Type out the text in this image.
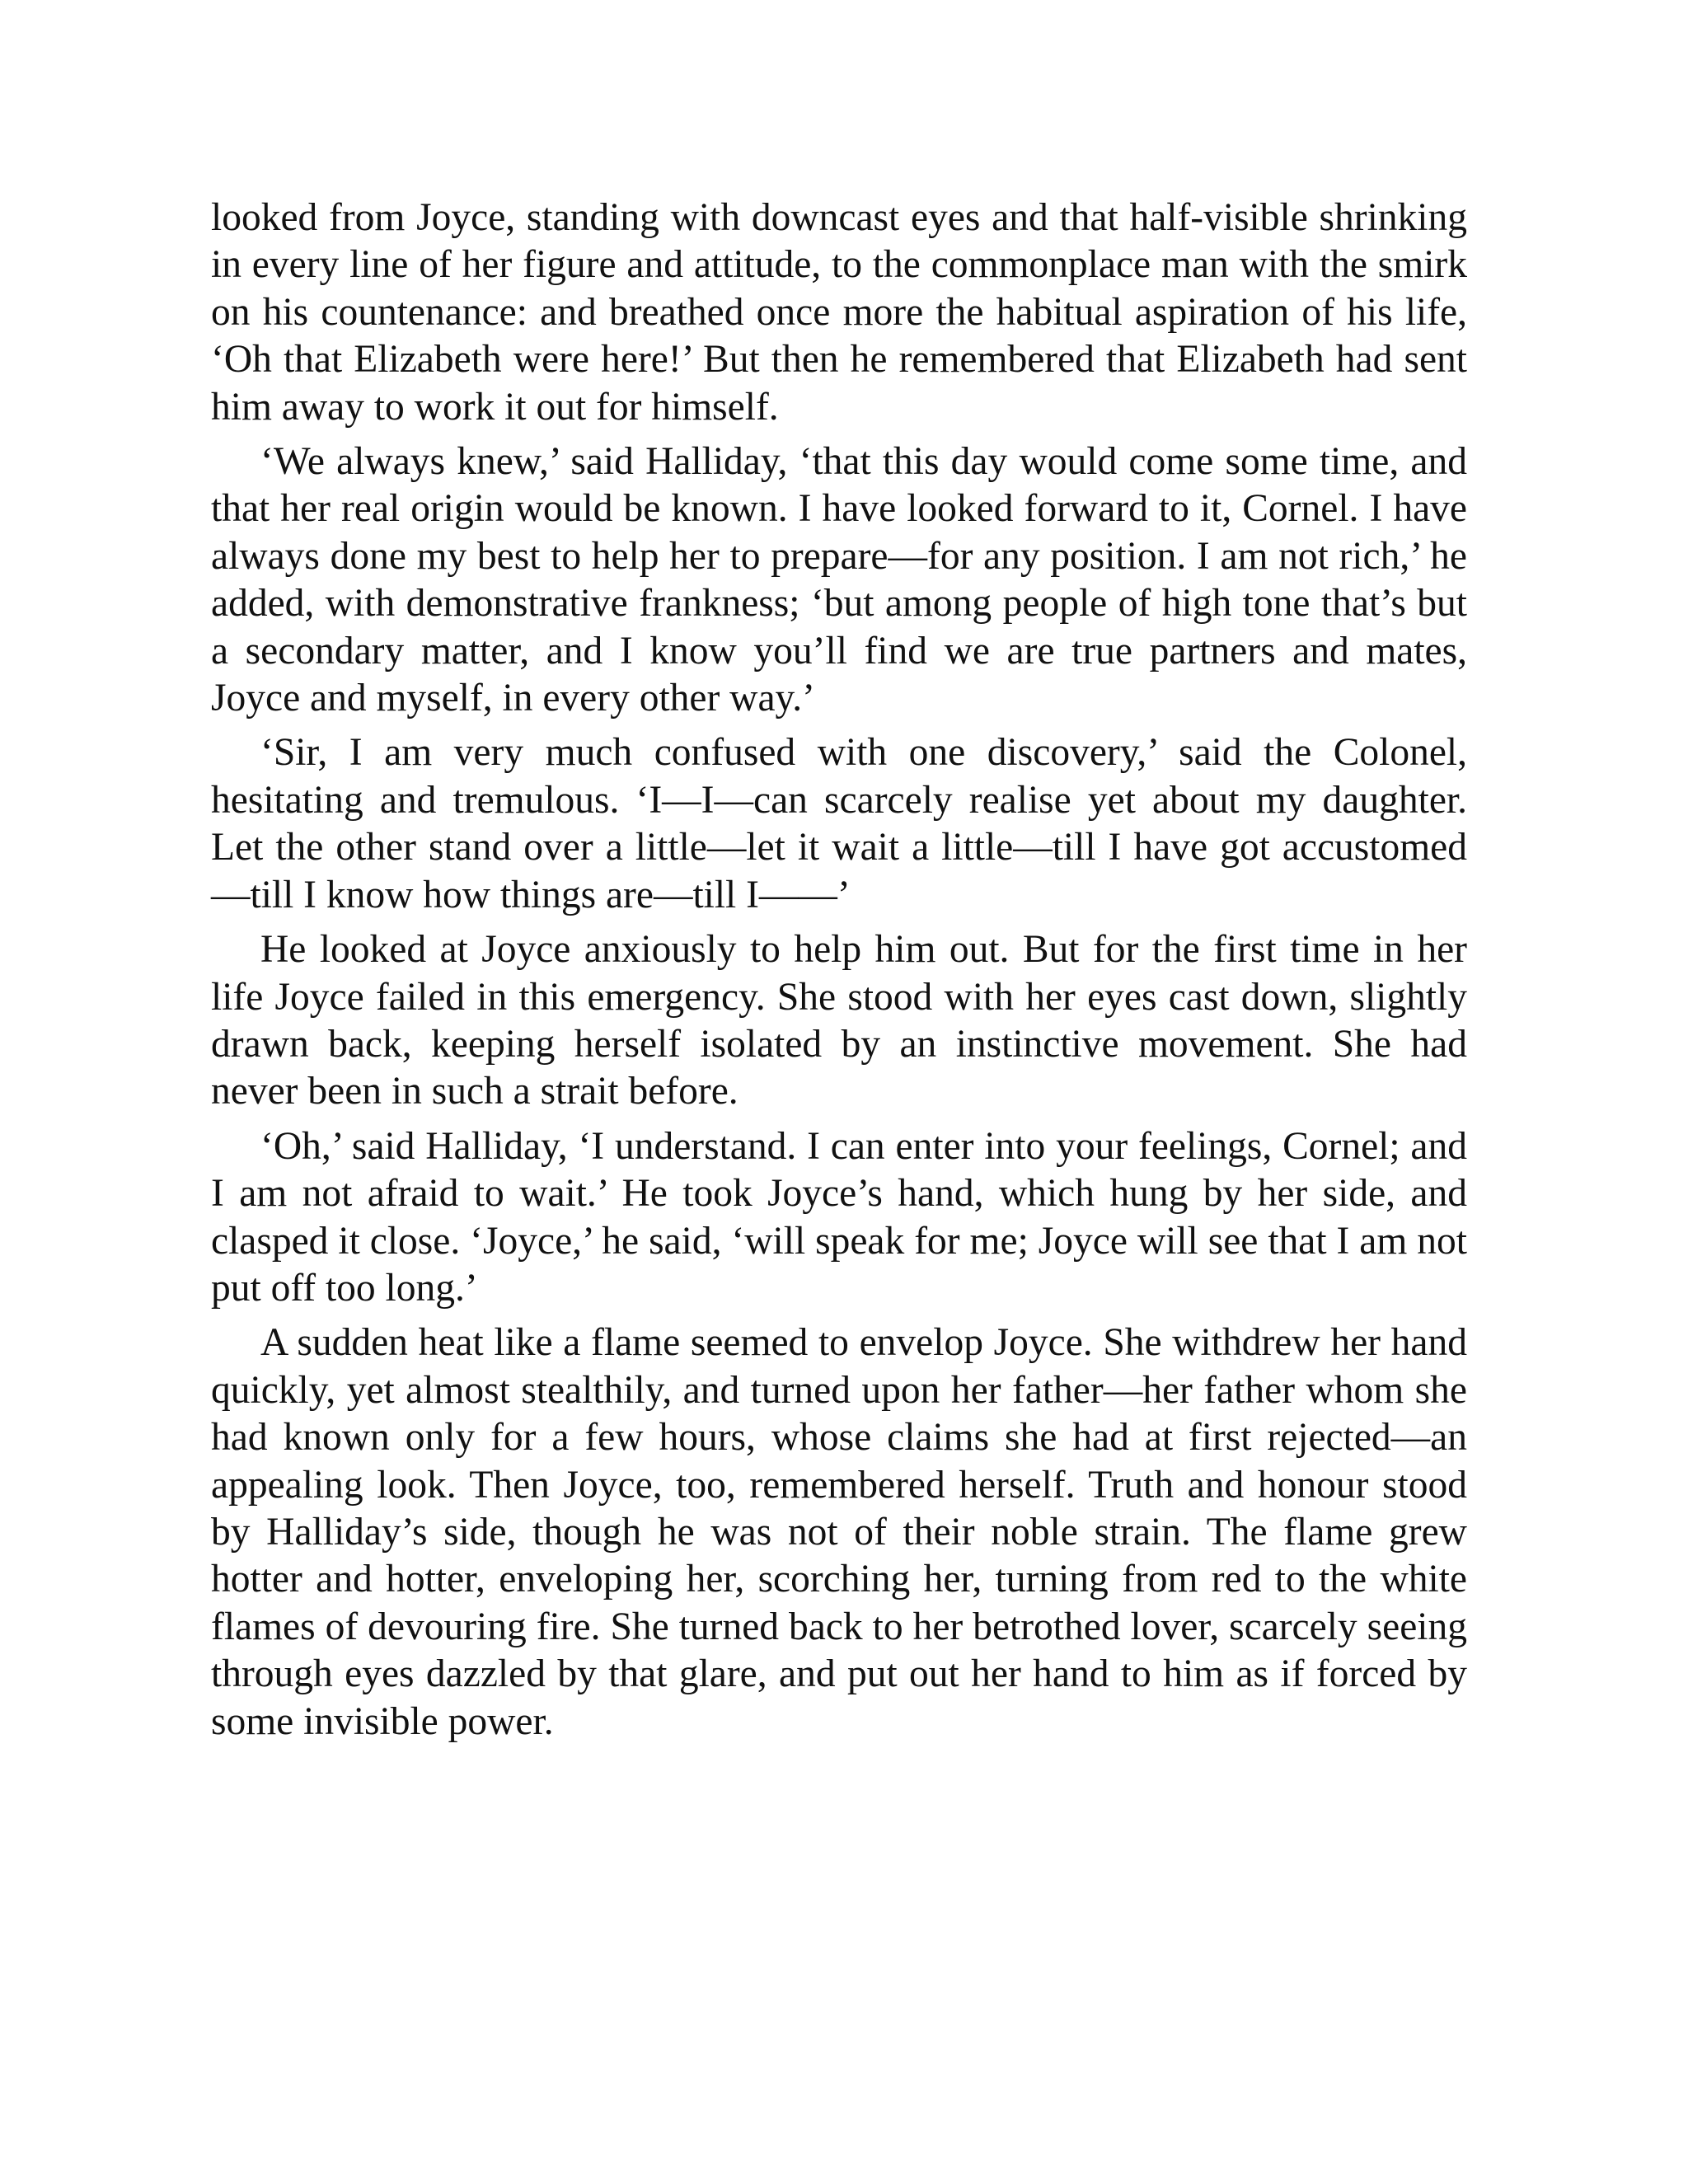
looked from Joyce, standing with downcast eyes and that half-visible shrinking in every line of her figure and attitude, to the commonplace man with the smirk on his countenance: and breathed once more the habitual aspiration of his life, ‘Oh that Elizabeth were here!’ But then he remembered that Elizabeth had sent him away to work it out for himself.

‘We always knew,’ said Halliday, ‘that this day would come some time, and that her real origin would be known. I have looked forward to it, Cornel. I have always done my best to help her to prepare—for any position. I am not rich,’ he added, with demonstrative frankness; ‘but among people of high tone that’s but a secondary matter, and I know you’ll find we are true partners and mates, Joyce and myself, in every other way.’

‘Sir, I am very much confused with one discovery,’ said the Colonel, hesitating and tremulous. ‘I—I—can scarcely realise yet about my daughter. Let the other stand over a little—let it wait a little—till I have got accustomed—till I know how things are—till I——’

He looked at Joyce anxiously to help him out. But for the first time in her life Joyce failed in this emergency. She stood with her eyes cast down, slightly drawn back, keeping herself isolated by an instinctive movement. She had never been in such a strait before.

‘Oh,’ said Halliday, ‘I understand. I can enter into your feelings, Cornel; and I am not afraid to wait.’ He took Joyce’s hand, which hung by her side, and clasped it close. ‘Joyce,’ he said, ‘will speak for me; Joyce will see that I am not put off too long.’

A sudden heat like a flame seemed to envelop Joyce. She withdrew her hand quickly, yet almost stealthily, and turned upon her father—her father whom she had known only for a few hours, whose claims she had at first rejected—an appealing look. Then Joyce, too, remembered herself. Truth and honour stood by Halliday’s side, though he was not of their noble strain. The flame grew hotter and hotter, enveloping her, scorching her, turning from red to the white flames of devouring fire. She turned back to her betrothed lover, scarcely seeing through eyes dazzled by that glare, and put out her hand to him as if forced by some invisible power.
